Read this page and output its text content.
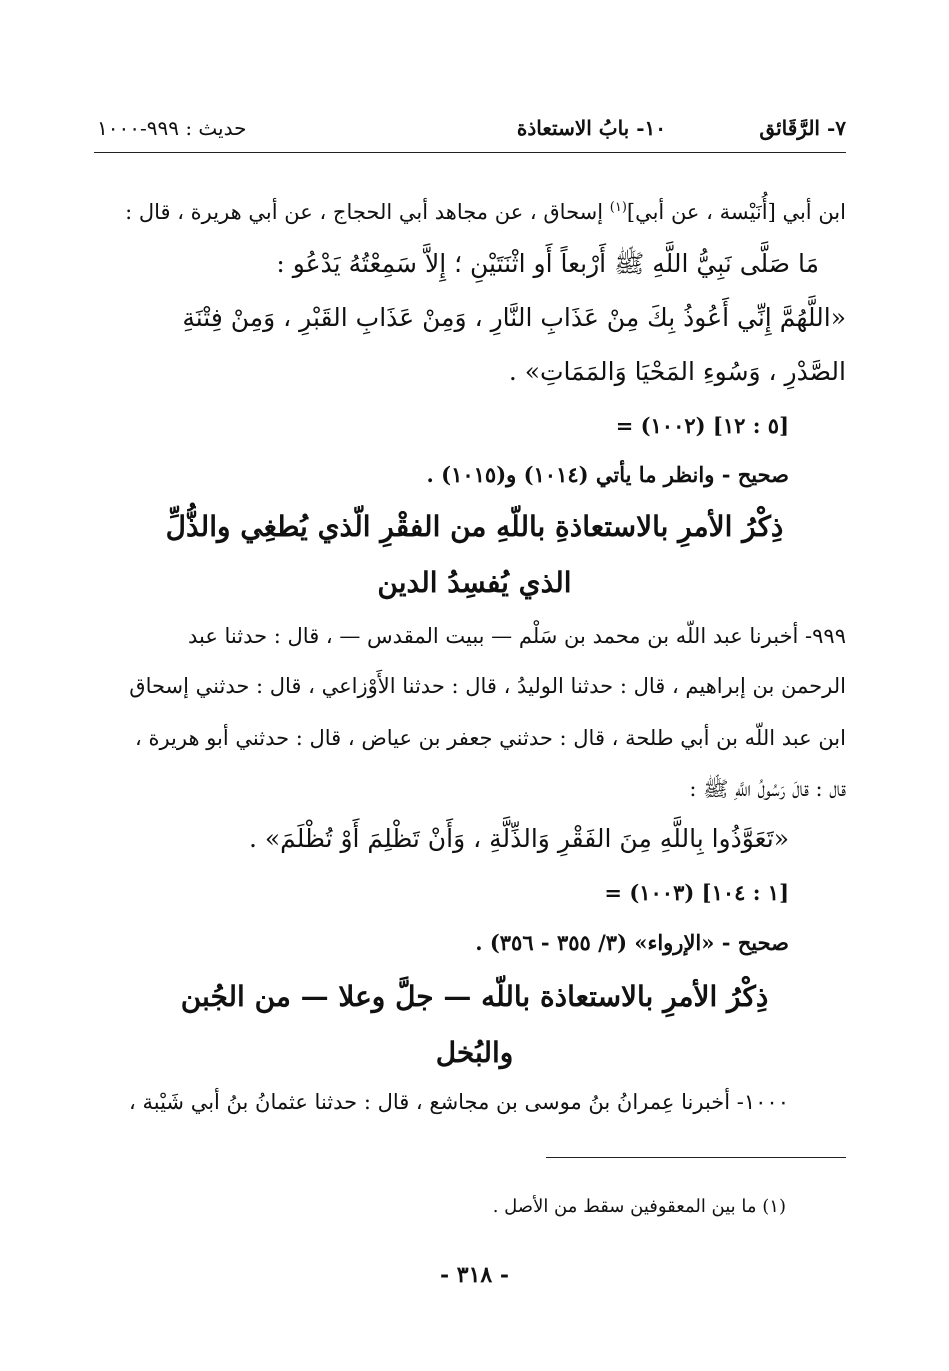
٧- الرَّقَائق
١٠- بابُ الاستعاذة
حديث : ٩٩٩-١٠٠٠
ابن أبي [أُنَيْسة ، عن أبي]$^{(١)}$ إسحاق ، عن مجاهد أبي الحجاج ، عن أبي هريرة ، قال :
مَا صَلَّى نَبِيُّ اللَّهِ ﷺ أَرْبعاً أَو اثْنَتَيْنِ ؛ إِلاَّ سَمِعْتُهُ يَدْعُو :
«اللَّهُمَّ إِنِّي أَعُوذُ بِكَ مِنْ عَذَابِ النَّارِ ، وَمِنْ عَذَابِ القَبْرِ ، وَمِنْ فِتْنَةِ
الصَّدْرِ ، وَسُوءِ المَحْيَا وَالمَمَاتِ» .
= (١٠٠٢) [٥ : ١٢]
صحيح - وانظر ما يأتي (١٠١٤) و(١٠١٥) .
ذِكْرُ الأمرِ بالاستعاذةِ باللّهِ من الفقْرِ الّذي يُطغِي والذُّلِّ
الذي يُفسِدُ الدين
٩٩٩- أخبرنا عبد اللّه بن محمد بن سَلْم — ببيت المقدس — ، قال : حدثنا عبد
الرحمن بن إبراهيم ، قال : حدثنا الوليدُ ، قال : حدثنا الأَوْزاعي ، قال : حدثني إسحاق
ابن عبد اللّه بن أبي طلحة ، قال : حدثني جعفر بن عياض ، قال : حدثني أبو هريرة ،
قال : قالَ رَسُولُ اللَّهِ ﷺ :
«تَعَوَّذُوا بِاللَّهِ مِنَ الفَقْرِ وَالذِّلَّةِ ، وَأَنْ تَظْلِمَ أَوْ تُظْلَمَ» .
= (١٠٠٣) [١ : ١٠٤]
صحيح - «الإرواء» (٣/ ٣٥٥ - ٣٥٦) .
ذِكْرُ الأمرِ بالاستعاذة باللّه — جلَّ وعلا — من الجُبن
والبُخل
١٠٠٠- أخبرنا عِمرانُ بنُ موسى بن مجاشع ، قال : حدثنا عثمانُ بنُ أبي شَيْبة ،
(١) ما بين المعقوفين سقط من الأصل .
- ٣١٨ -
